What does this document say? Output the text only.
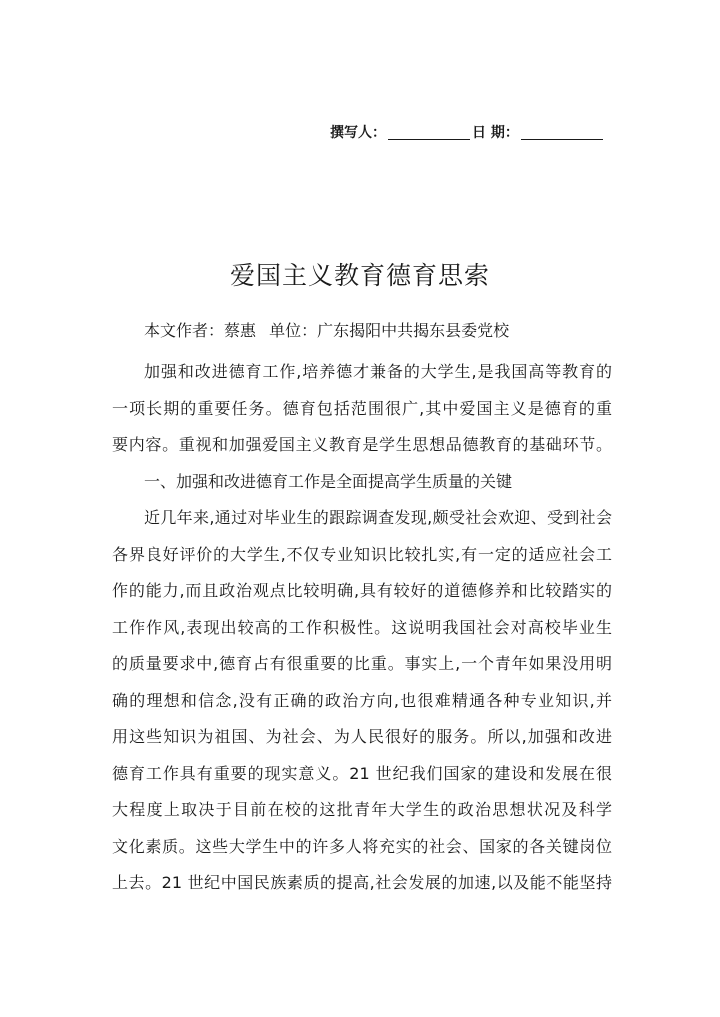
撰写人：	日 期：
爱国主义教育德育思索
本文作者：蔡惠 单位：广东揭阳中共揭东县委党校
加强和改进德育工作,培养德才兼备的大学生,是我国高等教育的
一项长期的重要任务。德育包括范围很广,其中爱国主义是德育的重
要内容。重视和加强爱国主义教育是学生思想品德教育的基础环节。
一、加强和改进德育工作是全面提高学生质量的关键
近几年来,通过对毕业生的跟踪调查发现,颇受社会欢迎、受到社会
各界良好评价的大学生,不仅专业知识比较扎实,有一定的适应社会工
作的能力,而且政治观点比较明确,具有较好的道德修养和比较踏实的
工作作风,表现出较高的工作积极性。这说明我国社会对高校毕业生
的质量要求中,德育占有很重要的比重。事实上,一个青年如果没用明
确的理想和信念,没有正确的政治方向,也很难精通各种专业知识,并
用这些知识为祖国、为社会、为人民很好的服务。所以,加强和改进
德育工作具有重要的现实意义。21 世纪我们国家的建设和发展在很
大程度上取决于目前在校的这批青年大学生的政治思想状况及科学
文化素质。这些大学生中的许多人将充实的社会、国家的各关键岗位
上去。21 世纪中国民族素质的提高,社会发展的加速,以及能不能坚持
